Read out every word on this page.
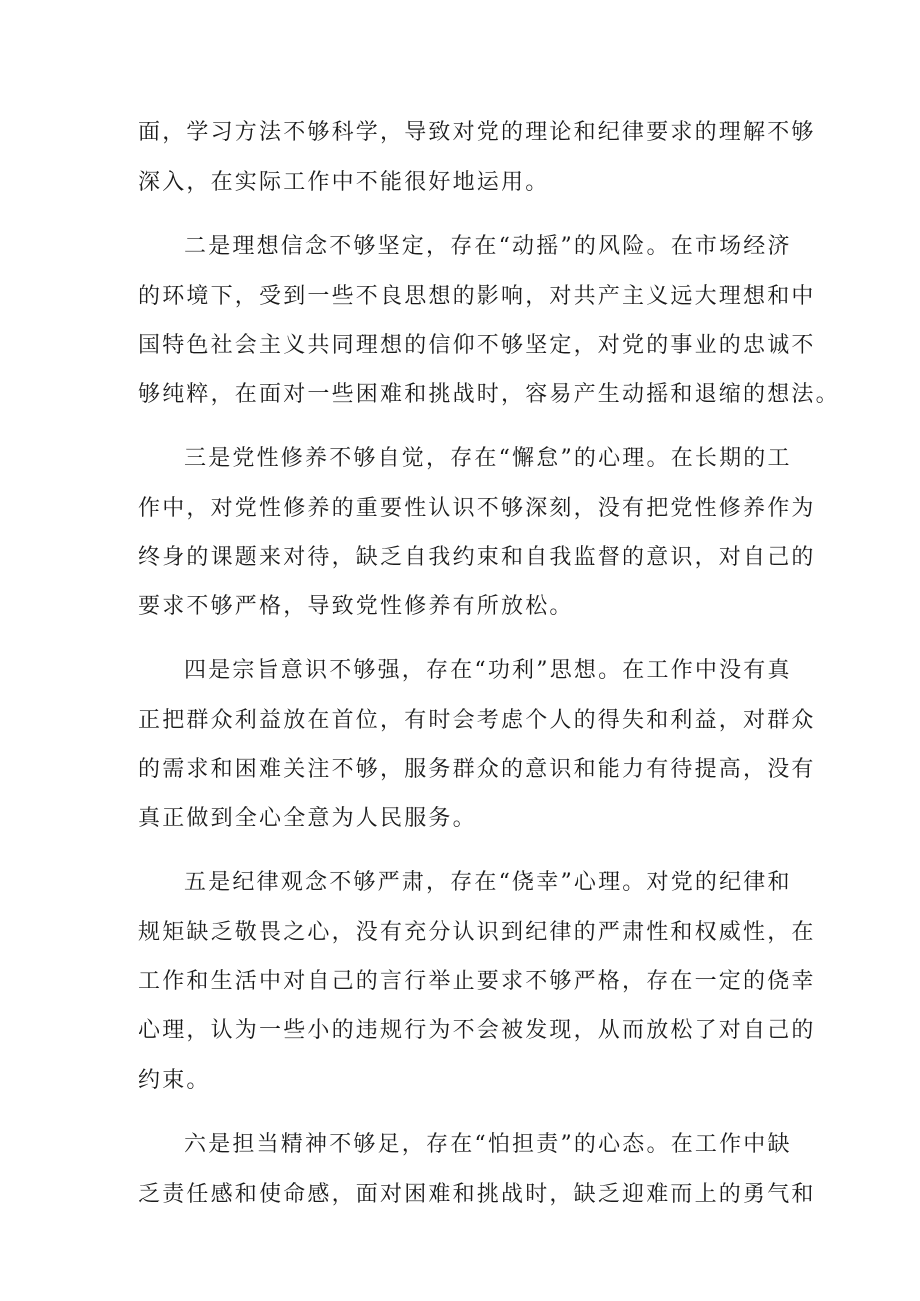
面，学习方法不够科学，导致对党的理论和纪律要求的理解不够

深入，在实际工作中不能很好地运用。

二是理想信念不够坚定，存在“动摇”的风险。在市场经济

的环境下，受到一些不良思想的影响，对共产主义远大理想和中

国特色社会主义共同理想的信仰不够坚定，对党的事业的忠诚不

够纯粹，在面对一些困难和挑战时，容易产生动摇和退缩的想法。

三是党性修养不够自觉，存在“懈怠”的心理。在长期的工

作中，对党性修养的重要性认识不够深刻，没有把党性修养作为

终身的课题来对待，缺乏自我约束和自我监督的意识，对自己的

要求不够严格，导致党性修养有所放松。

四是宗旨意识不够强，存在“功利”思想。在工作中没有真

正把群众利益放在首位，有时会考虑个人的得失和利益，对群众

的需求和困难关注不够，服务群众的意识和能力有待提高，没有

真正做到全心全意为人民服务。

五是纪律观念不够严肃，存在“侥幸”心理。对党的纪律和

规矩缺乏敬畏之心，没有充分认识到纪律的严肃性和权威性，在

工作和生活中对自己的言行举止要求不够严格，存在一定的侥幸

心理，认为一些小的违规行为不会被发现，从而放松了对自己的

约束。

六是担当精神不够足，存在“怕担责”的心态。在工作中缺

乏责任感和使命感，面对困难和挑战时，缺乏迎难而上的勇气和
